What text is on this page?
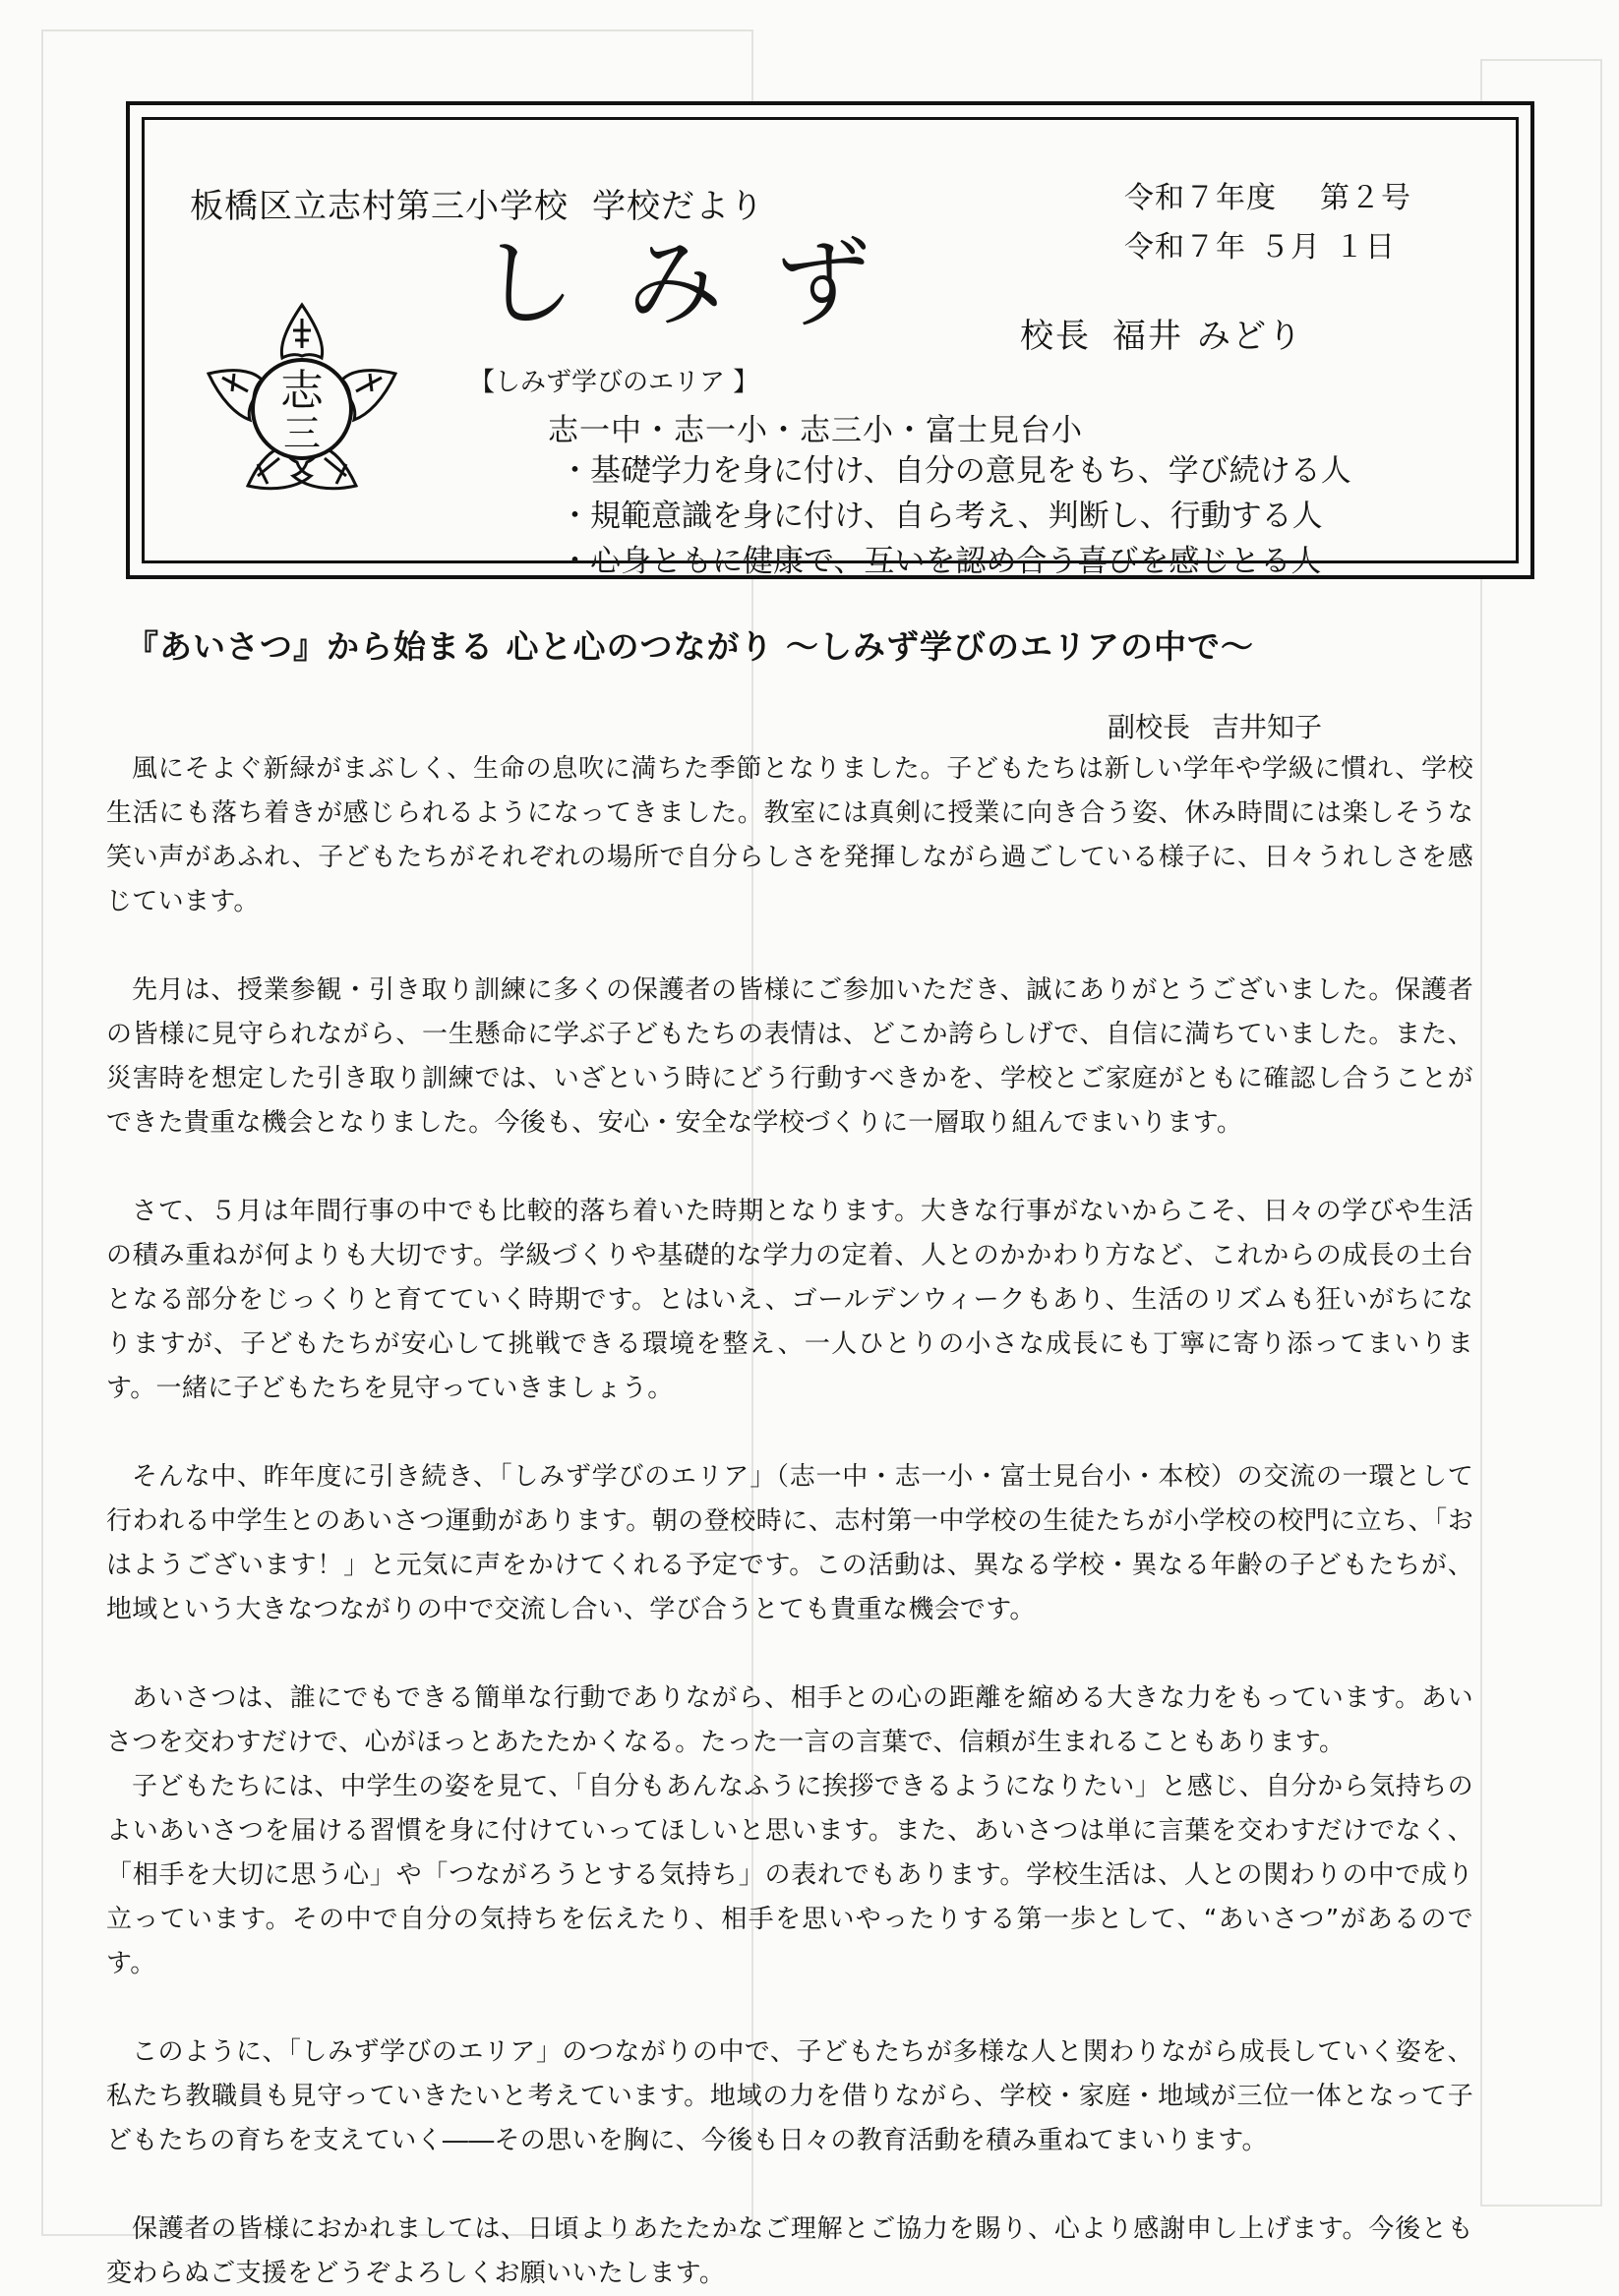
板橋区立志村第三小学校 学校だより	令和７年度 第２号
令和７年 ５月 １日
しみず	校長 福井 みどり
志
三
【しみず学びのエリア 】
志一中・志一小・志三小・富士見台小
・基礎学力を身に付け、自分の意見をもち、学び続ける人
・規範意識を身に付け、自ら考え、判断し、行動する人
・心身ともに健康で、互いを認め合う喜びを感じとる人
『あいさつ』から始まる 心と心のつながり ～しみず学びのエリアの中で～
副校長 吉井知子

風にそよぐ新緑がまぶしく、生命の息吹に満ちた季節となりました。子どもたちは新しい学年や学級に慣れ、学校生活にも落ち着きが感じられるようになってきました。教室には真剣に授業に向き合う姿、休み時間には楽しそうな笑い声があふれ、子どもたちがそれぞれの場所で自分らしさを発揮しながら過ごしている様子に、日々うれしさを感じています。

先月は、授業参観・引き取り訓練に多くの保護者の皆様にご参加いただき、誠にありがとうございました。保護者の皆様に見守られながら、一生懸命に学ぶ子どもたちの表情は、どこか誇らしげで、自信に満ちていました。また、災害時を想定した引き取り訓練では、いざという時にどう行動すべきかを、学校とご家庭がともに確認し合うことができた貴重な機会となりました。今後も、安心・安全な学校づくりに一層取り組んでまいります。

さて、５月は年間行事の中でも比較的落ち着いた時期となります。大きな行事がないからこそ、日々の学びや生活の積み重ねが何よりも大切です。学級づくりや基礎的な学力の定着、人とのかかわり方など、これからの成長の土台となる部分をじっくりと育てていく時期です。とはいえ、ゴールデンウィークもあり、生活のリズムも狂いがちになりますが、子どもたちが安心して挑戦できる環境を整え、一人ひとりの小さな成長にも丁寧に寄り添ってまいります。一緒に子どもたちを見守っていきましょう。

そんな中、昨年度に引き続き、「しみず学びのエリア」（志一中・志一小・富士見台小・本校）の交流の一環として行われる中学生とのあいさつ運動があります。朝の登校時に、志村第一中学校の生徒たちが小学校の校門に立ち、「おはようございます！」と元気に声をかけてくれる予定です。この活動は、異なる学校・異なる年齢の子どもたちが、地域という大きなつながりの中で交流し合い、学び合うとても貴重な機会です。

あいさつは、誰にでもできる簡単な行動でありながら、相手との心の距離を縮める大きな力をもっています。あいさつを交わすだけで、心がほっとあたたかくなる。たった一言の言葉で、信頼が生まれることもあります。

子どもたちには、中学生の姿を見て、「自分もあんなふうに挨拶できるようになりたい」と感じ、自分から気持ちのよいあいさつを届ける習慣を身に付けていってほしいと思います。また、あいさつは単に言葉を交わすだけでなく、「相手を大切に思う心」や「つながろうとする気持ち」の表れでもあります。学校生活は、人との関わりの中で成り立っています。その中で自分の気持ちを伝えたり、相手を思いやったりする第一歩として、“あいさつ”があるのです。

このように、「しみず学びのエリア」のつながりの中で、子どもたちが多様な人と関わりながら成長していく姿を、私たち教職員も見守っていきたいと考えています。地域の力を借りながら、学校・家庭・地域が三位一体となって子どもたちの育ちを支えていく――その思いを胸に、今後も日々の教育活動を積み重ねてまいります。

保護者の皆様におかれましては、日頃よりあたたかなご理解とご協力を賜り、心より感謝申し上げます。今後とも変わらぬご支援をどうぞよろしくお願いいたします。
